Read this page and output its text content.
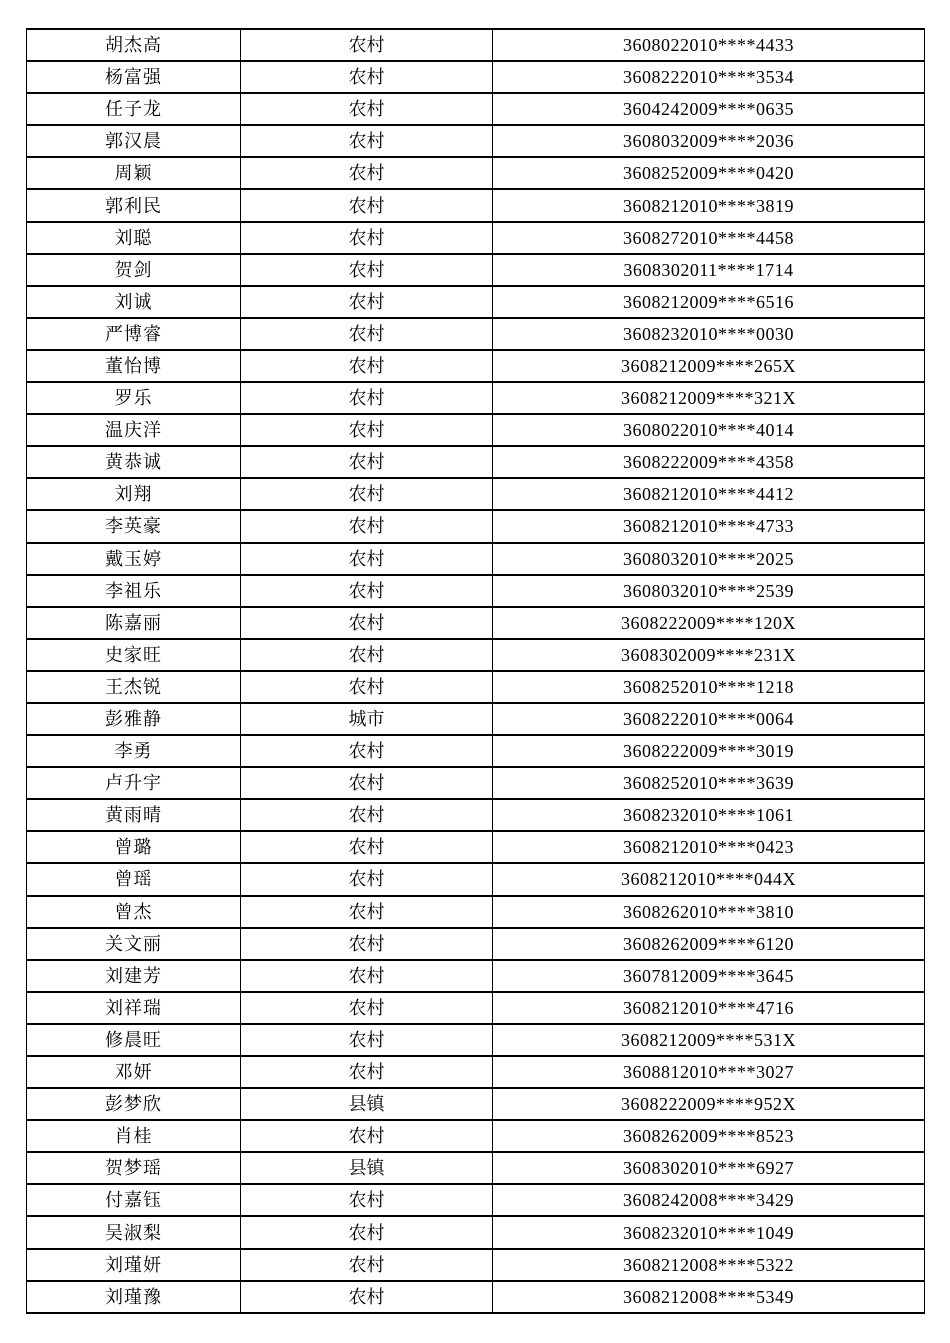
胡杰高	农村	3608022010****4433
杨富强	农村	3608222010****3534
任子龙	农村	3604242009****0635
郭汉晨	农村	3608032009****2036
周颖	农村	3608252009****0420
郭利民	农村	3608212010****3819
刘聪	农村	3608272010****4458
贺剑	农村	3608302011****1714
刘诚	农村	3608212009****6516
严博睿	农村	3608232010****0030
董怡博	农村	3608212009****265X
罗乐	农村	3608212009****321X
温庆洋	农村	3608022010****4014
黄恭诚	农村	3608222009****4358
刘翔	农村	3608212010****4412
李英豪	农村	3608212010****4733
戴玉婷	农村	3608032010****2025
李祖乐	农村	3608032010****2539
陈嘉丽	农村	3608222009****120X
史家旺	农村	3608302009****231X
王杰锐	农村	3608252010****1218
彭雅静	城市	3608222010****0064
李勇	农村	3608222009****3019
卢升宇	农村	3608252010****3639
黄雨晴	农村	3608232010****1061
曾璐	农村	3608212010****0423
曾瑶	农村	3608212010****044X
曾杰	农村	3608262010****3810
关文丽	农村	3608262009****6120
刘建芳	农村	3607812009****3645
刘祥瑞	农村	3608212010****4716
修晨旺	农村	3608212009****531X
邓妍	农村	3608812010****3027
彭梦欣	县镇	3608222009****952X
肖桂	农村	3608262009****8523
贺梦瑶	县镇	3608302010****6927
付嘉钰	农村	3608242008****3429
吴淑梨	农村	3608232010****1049
刘瑾妍	农村	3608212008****5322
刘瑾豫	农村	3608212008****5349
